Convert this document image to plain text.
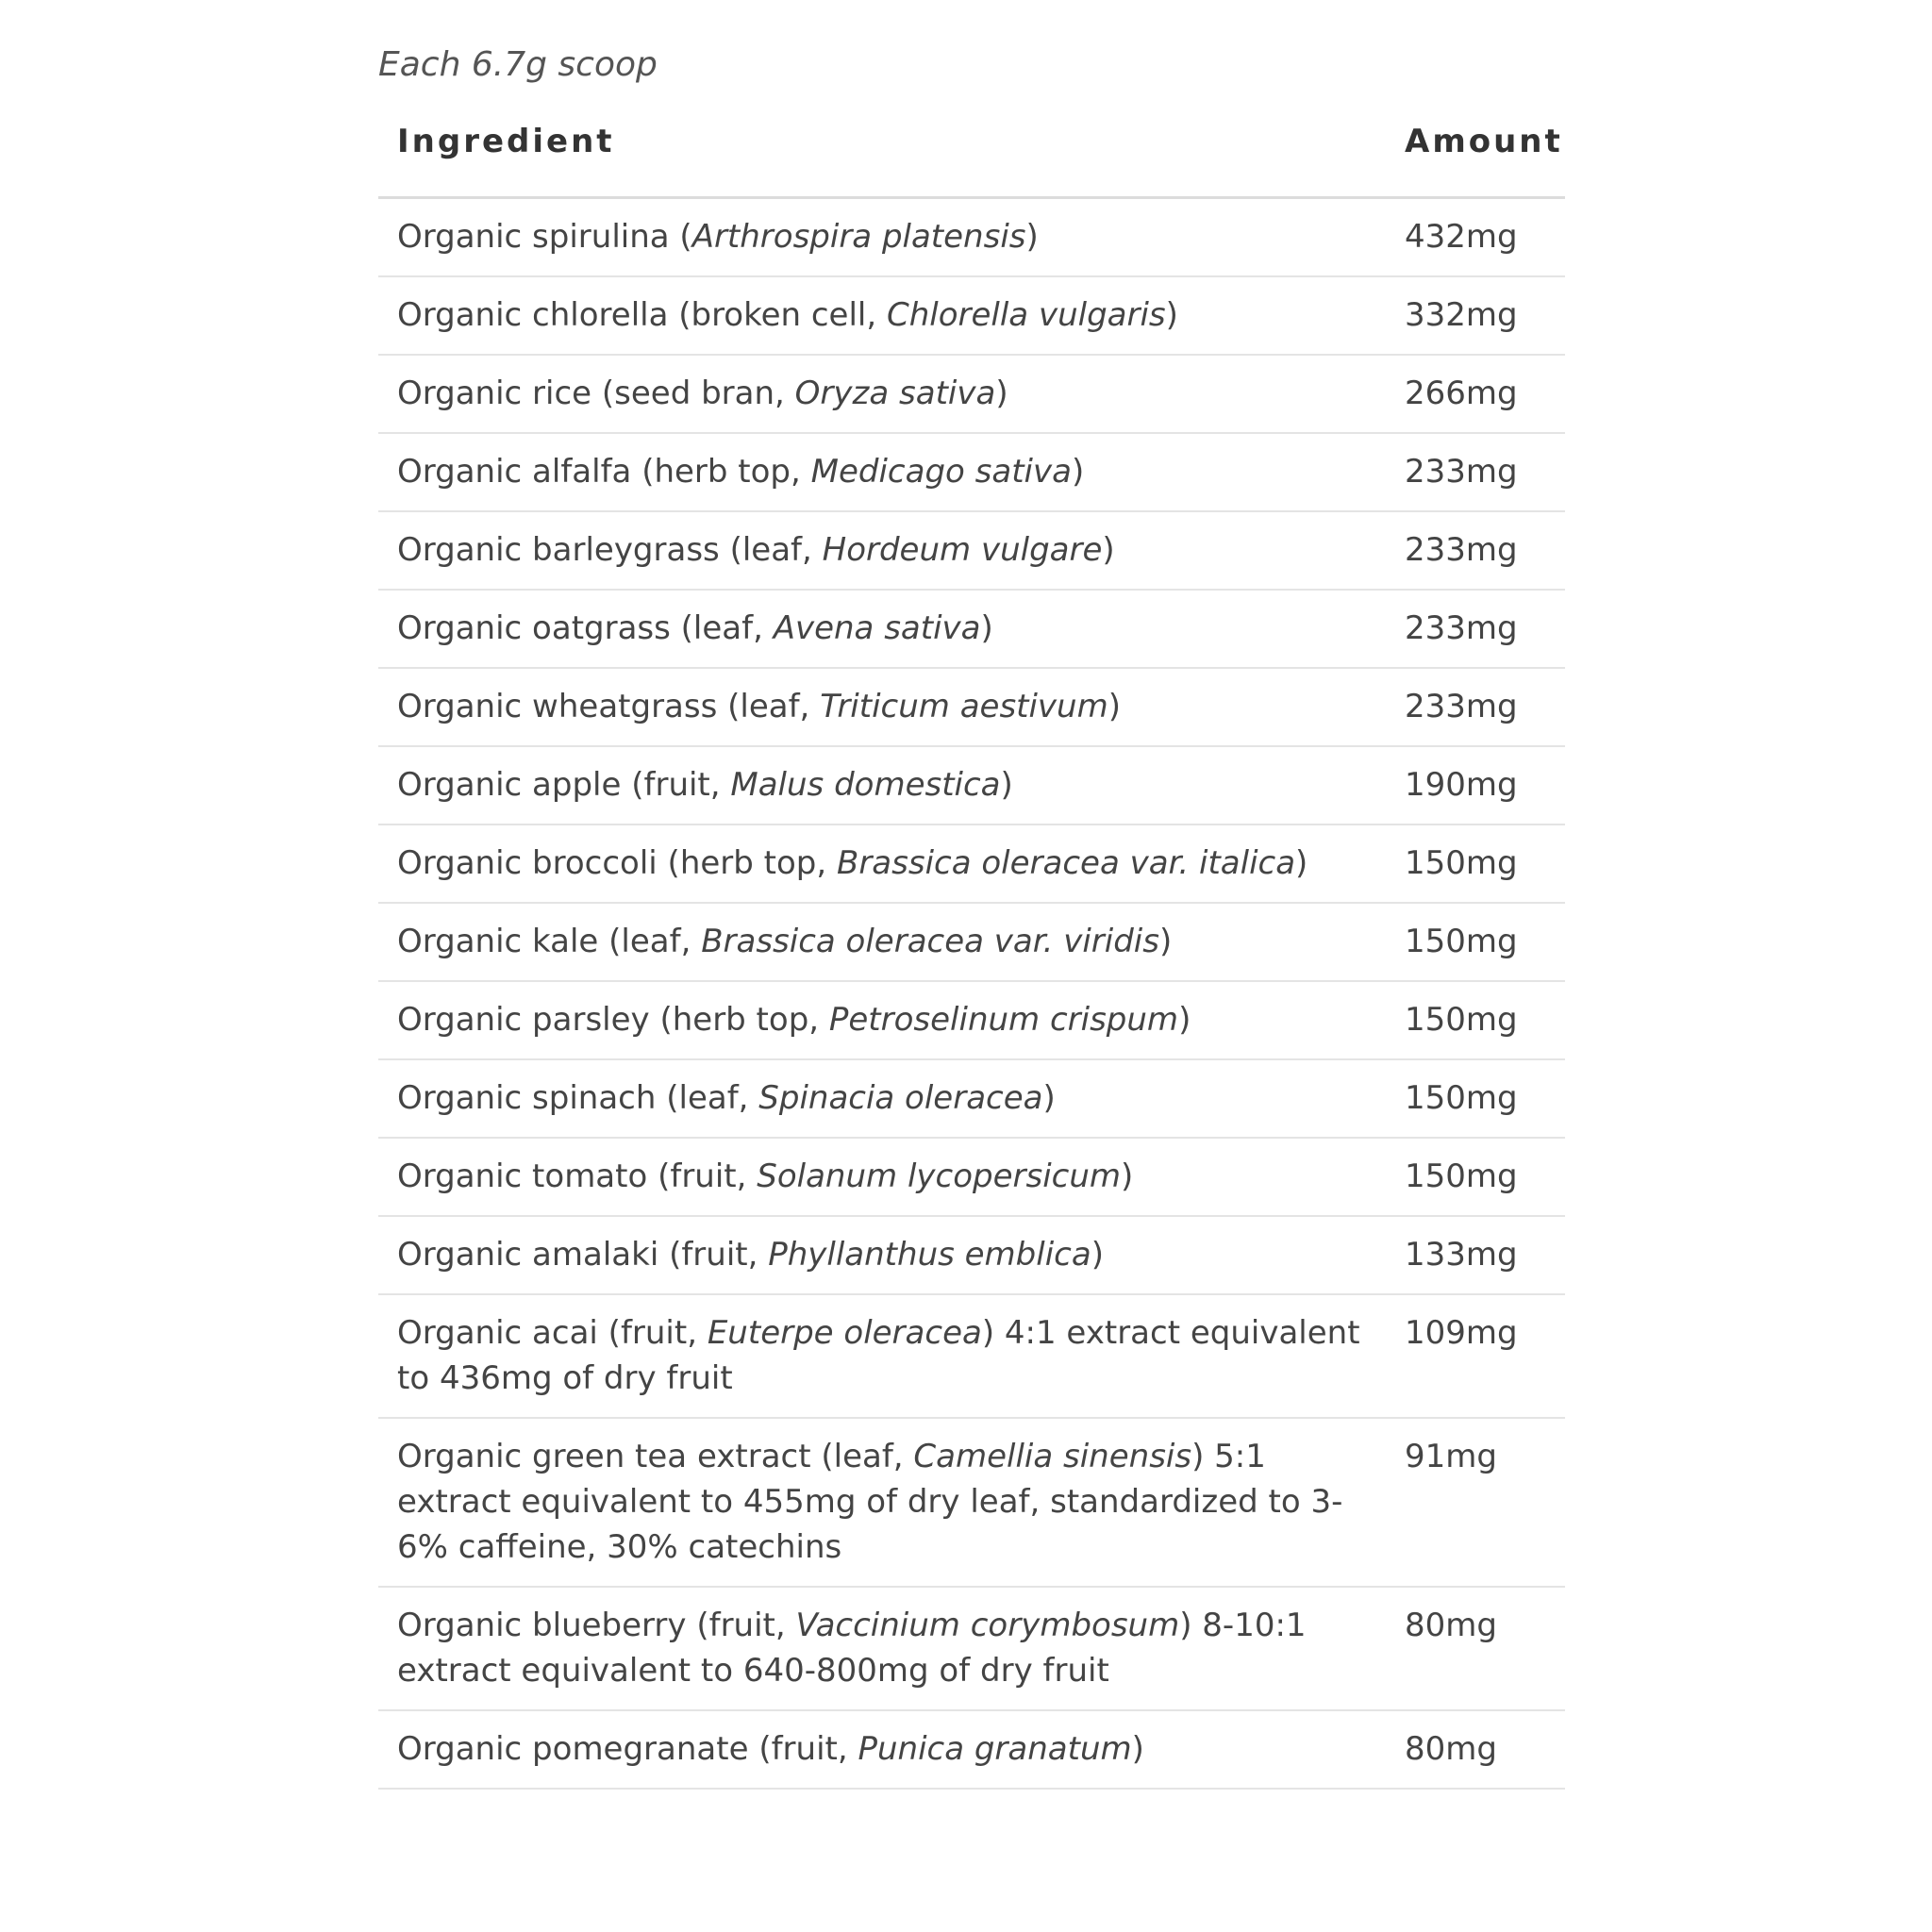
Each 6.7g scoop

Ingredient	Amount
Organic spirulina (Arthrospira platensis)	432mg
Organic chlorella (broken cell, Chlorella vulgaris)	332mg
Organic rice (seed bran, Oryza sativa)	266mg
Organic alfalfa (herb top, Medicago sativa)	233mg
Organic barleygrass (leaf, Hordeum vulgare)	233mg
Organic oatgrass (leaf, Avena sativa)	233mg
Organic wheatgrass (leaf, Triticum aestivum)	233mg
Organic apple (fruit, Malus domestica)	190mg
Organic broccoli (herb top, Brassica oleracea var. italica)	150mg
Organic kale (leaf, Brassica oleracea var. viridis)	150mg
Organic parsley (herb top, Petroselinum crispum)	150mg
Organic spinach (leaf, Spinacia oleracea)	150mg
Organic tomato (fruit, Solanum lycopersicum)	150mg
Organic amalaki (fruit, Phyllanthus emblica)	133mg
Organic acai (fruit, Euterpe oleracea) 4:1 extract equivalent to 436mg of dry fruit	109mg
Organic green tea extract (leaf, Camellia sinensis) 5:1 extract equivalent to 455mg of dry leaf, standardized to 3-6% caffeine, 30% catechins	91mg
Organic blueberry (fruit, Vaccinium corymbosum) 8-10:1 extract equivalent to 640-800mg of dry fruit	80mg
Organic pomegranate (fruit, Punica granatum)	80mg
